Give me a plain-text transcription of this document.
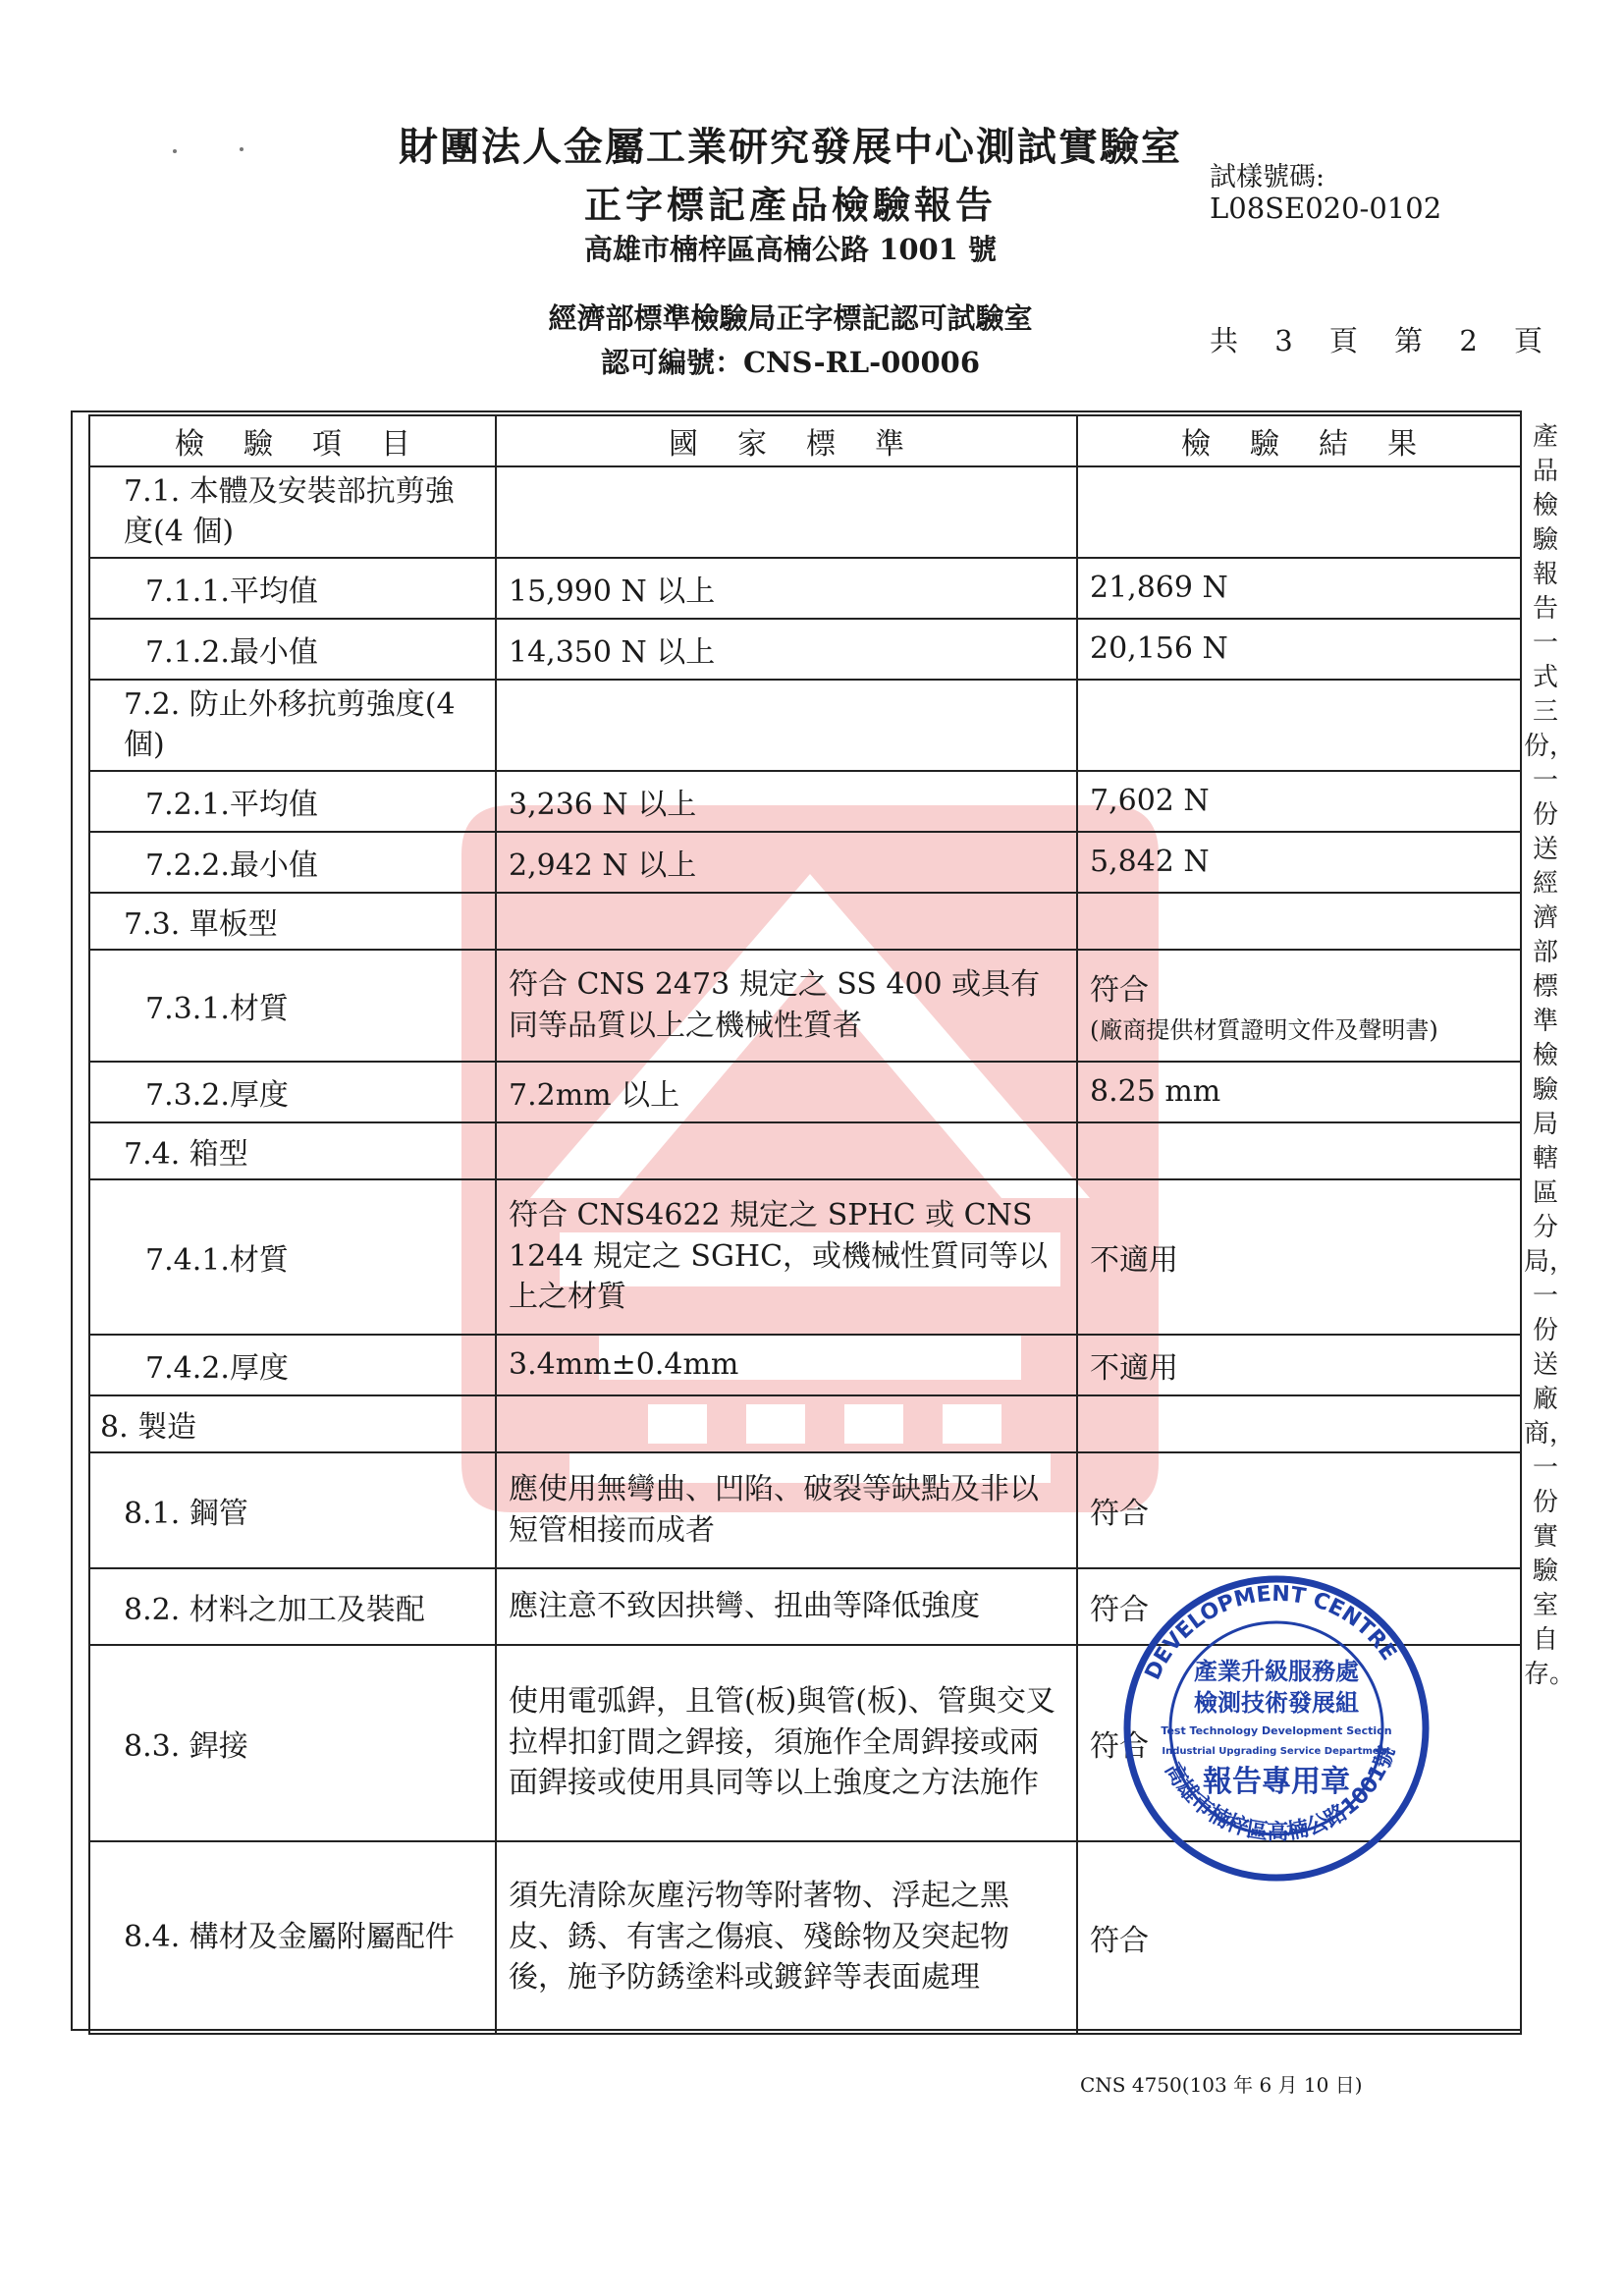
財團法人金屬工業研究發展中心測試實驗室
正字標記產品檢驗報告
高雄市楠梓區高楠公路 1001 號
經濟部標準檢驗局正字標記認可試驗室
認可編號：CNS-RL-00006
試樣號碼:
L08SE020-0102
共 3 頁 第 2 頁
檢驗項目	國家標準	檢驗結果
7.1. 本體及安裝部抗剪強度(4 個)		
7.1.1.平均值	15,990 N 以上	21,869 N
7.1.2.最小值	14,350 N 以上	20,156 N
7.2. 防止外移抗剪強度(4 個)		
7.2.1.平均值	3,236 N 以上	7,602 N
7.2.2.最小值	2,942 N 以上	5,842 N
7.3. 單板型		
7.3.1.材質	符合 CNS 2473 規定之 SS 400 或具有同等品質以上之機械性質者	符合
(廠商提供材質證明文件及聲明書)

7.3.2.厚度	7.2mm 以上	8.25 mm
7.4. 箱型		
7.4.1.材質	符合 CNS4622 規定之 SPHC 或 CNS 1244 規定之 SGHC，或機械性質同等以上之材質	不適用
7.4.2.厚度	3.4mm±0.4mm	不適用
8. 製造		
8.1. 鋼管	應使用無彎曲、凹陷、破裂等缺點及非以短管相接而成者	符合
8.2. 材料之加工及裝配	應注意不致因拱彎、扭曲等降低強度	符合
8.3. 銲接	使用電弧銲，且管(板)與管(板)、管與交叉拉桿扣釘間之銲接，須施作全周銲接或兩面銲接或使用具同等以上強度之方法施作	符合
8.4. 構材及金屬附屬配件	須先清除灰塵污物等附著物、浮起之黑皮、銹、有害之傷痕、殘餘物及突起物後，施予防銹塗料或鍍鋅等表面處理	符合
產品檢驗報告一式三份，一份送經濟部標準檢驗局轄區分局，一份送廠商，一份實驗室自存。
DEVELOPMENT CENTRE
高雄市楠梓區高楠公路1001號
產業升級服務處
檢測技術發展組
Test Technology Development Section
Industrial Upgrading Service Department
報告專用章
CNS 4750(103 年 6 月 10 日)
